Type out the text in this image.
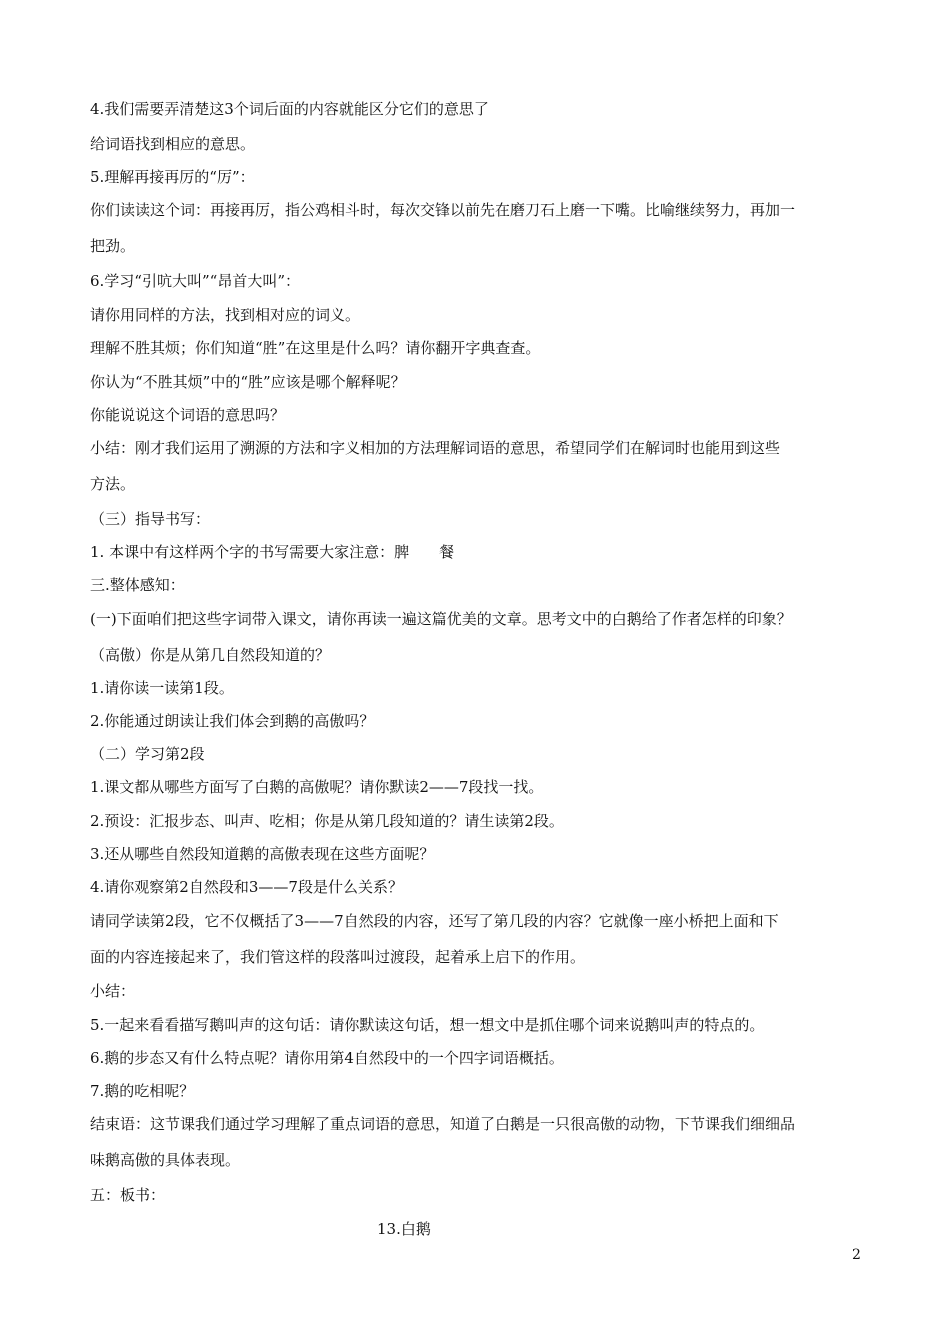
4.我们需要弄清楚这3个词后面的内容就能区分它们的意思了
给词语找到相应的意思。
5.理解再接再厉的“厉”：
你们读读这个词：再接再厉，指公鸡相斗时，每次交锋以前先在磨刀石上磨一下嘴。比喻继续努力，再加一
把劲。
6.学习“引吭大叫”“昂首大叫”：
请你用同样的方法，找到相对应的词义。
理解不胜其烦；你们知道“胜”在这里是什么吗？请你翻开字典查查。
你认为“不胜其烦”中的“胜”应该是哪个解释呢？
你能说说这个词语的意思吗？
小结：刚才我们运用了溯源的方法和字义相加的方法理解词语的意思，希望同学们在解词时也能用到这些
方法。
（三）指导书写：
1. 本课中有这样两个字的书写需要大家注意：脾　　餐
三.整体感知：
(一)下面咱们把这些字词带入课文，请你再读一遍这篇优美的文章。思考文中的白鹅给了作者怎样的印象？
（高傲）你是从第几自然段知道的？
1.请你读一读第1段。
2.你能通过朗读让我们体会到鹅的高傲吗？
（二）学习第2段
1.课文都从哪些方面写了白鹅的高傲呢？请你默读2——7段找一找。
2.预设：汇报步态、叫声、吃相；你是从第几段知道的？请生读第2段。
3.还从哪些自然段知道鹅的高傲表现在这些方面呢？
4.请你观察第2自然段和3——7段是什么关系？
请同学读第2段，它不仅概括了3——7自然段的内容，还写了第几段的内容？它就像一座小桥把上面和下
面的内容连接起来了，我们管这样的段落叫过渡段，起着承上启下的作用。
小结：
5.一起来看看描写鹅叫声的这句话：请你默读这句话，想一想文中是抓住哪个词来说鹅叫声的特点的。
6.鹅的步态又有什么特点呢？请你用第4自然段中的一个四字词语概括。
7.鹅的吃相呢？
结束语：这节课我们通过学习理解了重点词语的意思，知道了白鹅是一只很高傲的动物，下节课我们细细品
味鹅高傲的具体表现。
五：板书：
13.白鹅
2
